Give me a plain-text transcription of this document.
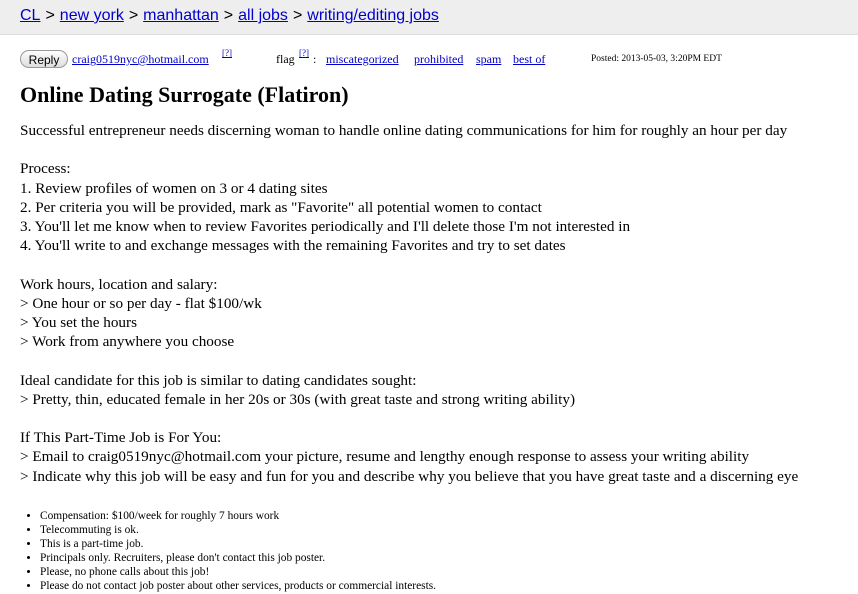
CL > new york > manhattan > all jobs > writing/editing jobs
Reply	craig0519nyc@hotmail.com [?]	flag [?] : miscategorized prohibited spam best of	Posted: 2013-05-03, 3:20PM EDT
Online Dating Surrogate (Flatiron)
Successful entrepreneur needs discerning woman to handle online dating communications for him for roughly an hour per day
Process:
1. Review profiles of women on 3 or 4 dating sites
2. Per criteria you will be provided, mark as "Favorite" all potential women to contact
3. You'll let me know when to review Favorites periodically and I'll delete those I'm not interested in
4. You'll write to and exchange messages with the remaining Favorites and try to set dates
Work hours, location and salary:
> One hour or so per day - flat $100/wk
> You set the hours
> Work from anywhere you choose
Ideal candidate for this job is similar to dating candidates sought:
> Pretty, thin, educated female in her 20s or 30s (with great taste and strong writing ability)
If This Part-Time Job is For You:
> Email to craig0519nyc@hotmail.com your picture, resume and lengthy enough response to assess your writing ability
> Indicate why this job will be easy and fun for you and describe why you believe that you have great taste and a discerning eye
• Compensation: $100/week for roughly 7 hours work
• Telecommuting is ok.
• This is a part-time job.
• Principals only. Recruiters, please don't contact this job poster.
• Please, no phone calls about this job!
• Please do not contact job poster about other services, products or commercial interests.
